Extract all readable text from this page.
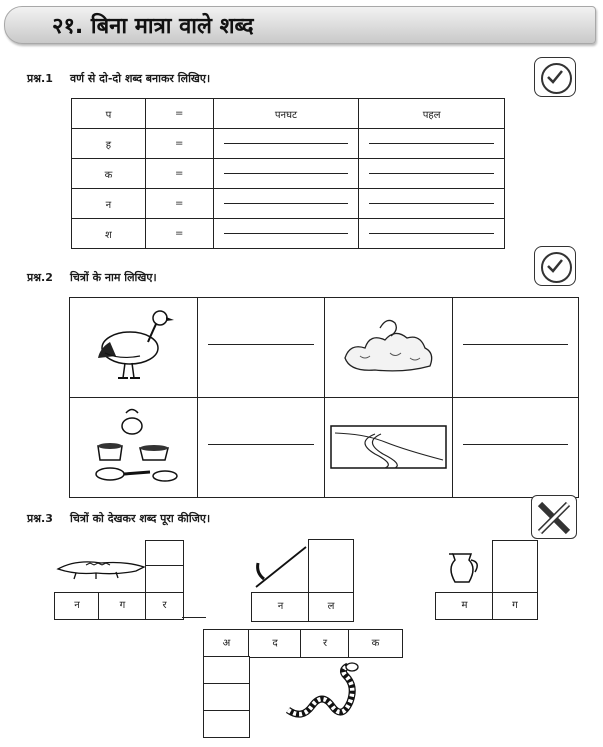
२१. बिना मात्रा वाले शब्द
प्रश्न.1 वर्ण से दो-दो शब्द बनाकर लिखिए।
प	=	पनघट	पहल
ह	=	

क	=	

न	=	

श	=	

प्रश्न.2 चित्रों के नाम लिखिए।

प्रश्न.3 चित्रों को देखकर शब्द पूरा कीजिए।
न	ग	र	न	ल	म	ग
अ	द	र	क
